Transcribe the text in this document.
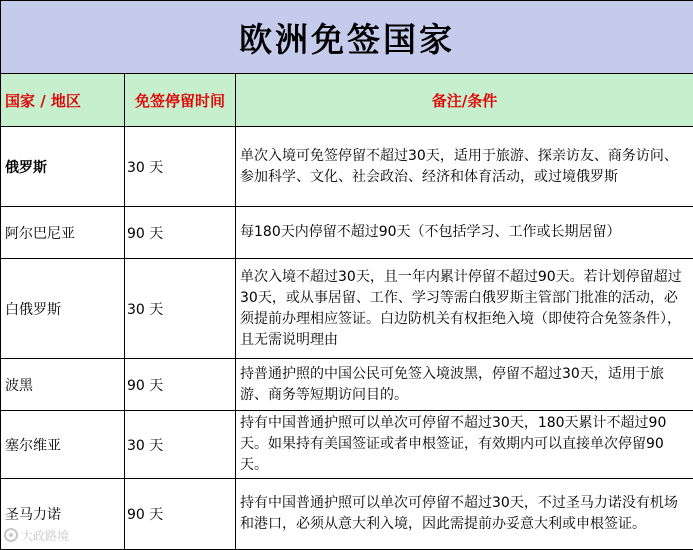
欧洲免签国家		
国家 / 地区	免签停留时间	备注/条件
俄罗斯	30 天	单次入境可免签停留不超过30天，适用于旅游、探亲访友、商务访问、参加科学、文化、社会政治、经济和体育活动，或过境俄罗斯
阿尔巴尼亚	90 天	每180天内停留不超过90天（不包括学习、工作或长期居留）
白俄罗斯	30 天	单次入境不超过30天，且一年内累计停留不超过90天。若计划停留超过30天，或从事居留、工作、学习等需白俄罗斯主管部门批准的活动，必须提前办理相应签证。白边防机关有权拒绝入境（即使符合免签条件），且无需说明理由
波黑	90 天	持普通护照的中国公民可免签入境波黑，停留不超过30天，适用于旅游、商务等短期访问目的。
塞尔维亚	30 天	持有中国普通护照可以单次可停留不超过30天，180天累计不超过90天。如果持有美国签证或者申根签证，有效期内可以直接单次停留90天。
圣马力诺	90 天	持有中国普通护照可以单次可停留不超过30天，不过圣马力诺没有机场和港口，必须从意大利入境，因此需提前办妥意大利或申根签证。
大政路境
